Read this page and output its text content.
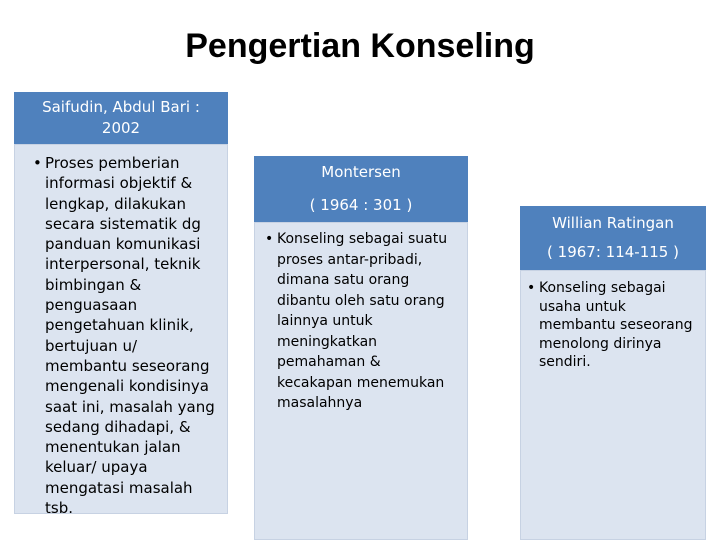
Pengertian Konseling
Saifudin, Abdul Bari :
2002
• Proses pemberian informasi objektif & lengkap, dilakukan secara sistematik dg panduan komunikasi interpersonal, teknik bimbingan & penguasaan pengetahuan klinik, bertujuan u/ membantu seseorang mengenali kondisinya saat ini, masalah yang sedang dihadapi, & menentukan jalan keluar/ upaya mengatasi masalah tsb.
Montersen
( 1964 : 301 )
• Konseling sebagai suatu proses antar-pribadi, dimana satu orang dibantu oleh satu orang lainnya untuk meningkatkan pemahaman & kecakapan menemukan masalahnya
Willian Ratingan
( 1967: 114-115 )
• Konseling sebagai usaha untuk membantu seseorang menolong dirinya sendiri.
